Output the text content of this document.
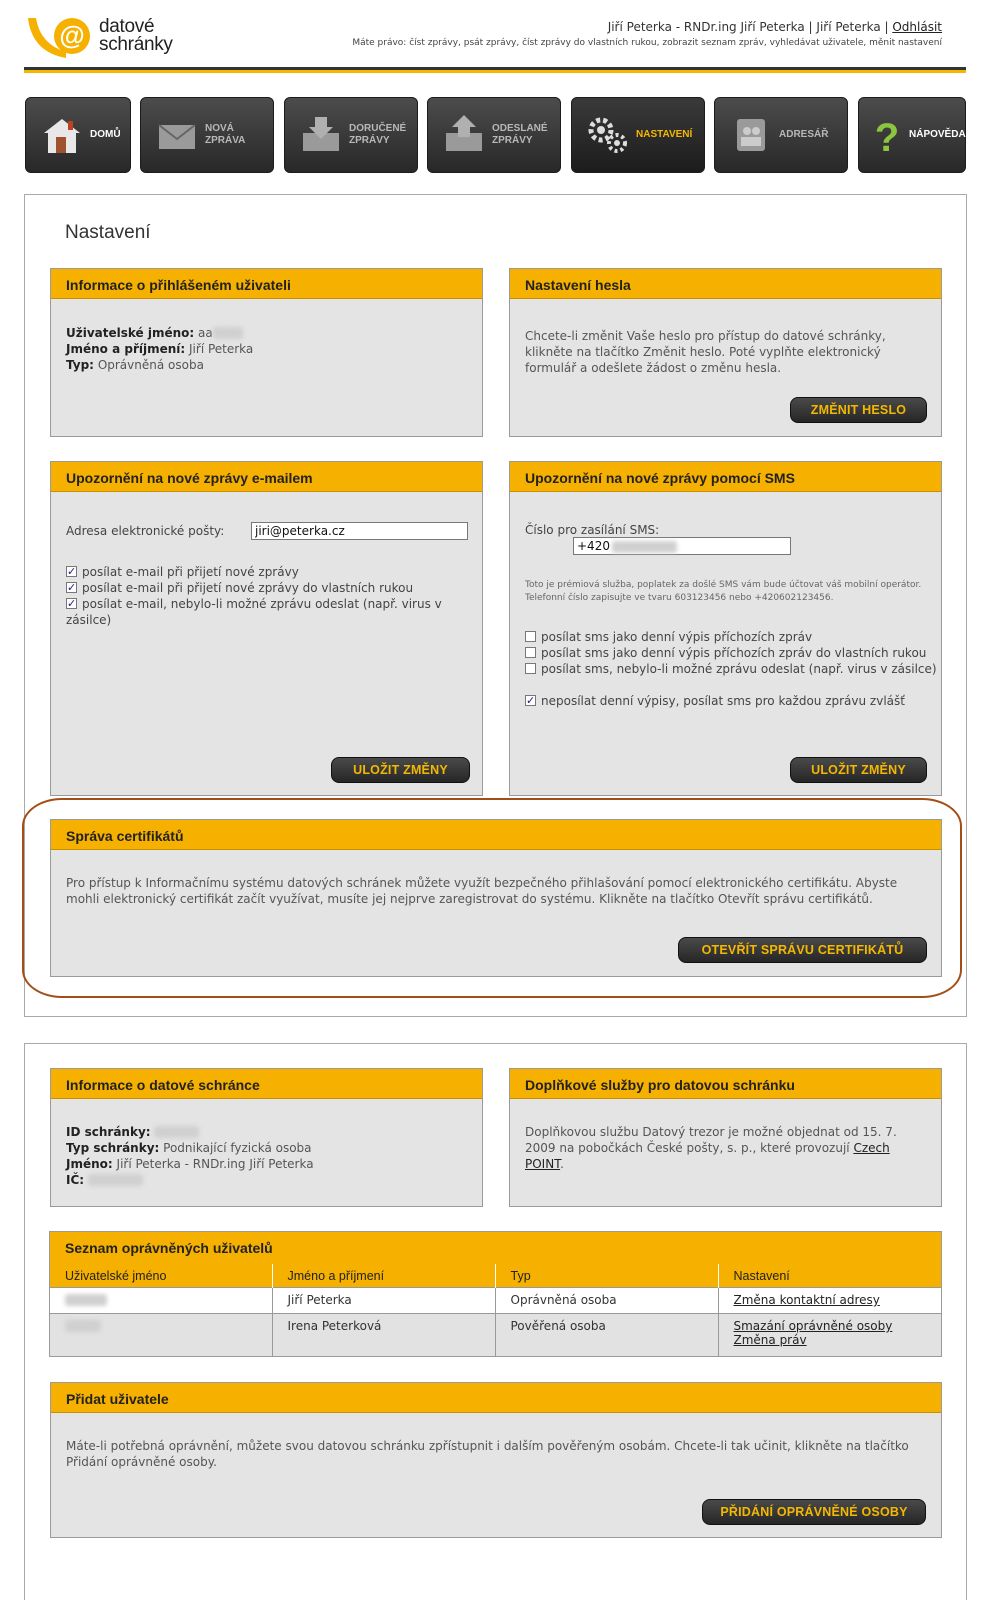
@ datové
schránky
Jiří Peterka - RNDr.ing Jiří Peterka | Jiří Peterka | Odhlásit
Máte právo: číst zprávy, psát zprávy, číst zprávy do vlastních rukou, zobrazit seznam zpráv, vyhledávat uživatele, měnit nastavení
DOMŮ
NOVÁ
ZPRÁVA
DORUČENÉ
ZPRÁVY
ODESLANÉ
ZPRÁVY
NASTAVENÍ	ADRESÁŘ ? NÁPOVĚDA
Nastavení
Informace o přihlášeném uživateli
Uživatelské jméno: aa
Jméno a příjmení: Jiří Peterka
Typ: Oprávněná osoba
Nastavení hesla
Chcete-li změnit Vaše heslo pro přístup do datové schránky, klikněte na tlačítko Změnit heslo. Poté vyplňte elektronický formulář a odešlete žádost o změnu hesla.
ZMĚNIT HESLO
Upozornění na nové zprávy e-mailem
Adresa elektronické pošty:
jiri@peterka.cz
✓posílat e-mail při přijetí nové zprávy
✓posílat e-mail při přijetí nové zprávy do vlastních rukou
✓posílat e-mail, nebylo-li možné zprávu odeslat (např. virus v zásilce)
ULOŽIT ZMĚNY
Upozornění na nové zprávy pomocí SMS
Číslo pro zasílání SMS:
+420
Toto je prémiová služba, poplatek za došlé SMS vám bude účtovat váš mobilní operátor. Telefonní číslo zapisujte ve tvaru 603123456 nebo +420602123456.
posílat sms jako denní výpis příchozích zpráv
posílat sms jako denní výpis příchozích zpráv do vlastních rukou
posílat sms, nebylo-li možné zprávu odeslat (např. virus v zásilce)
✓neposílat denní výpisy, posílat sms pro každou zprávu zvlášť
ULOŽIT ZMĚNY
Správa certifikátů
Pro přístup k Informačnímu systému datových schránek můžete využít bezpečného přihlašování pomocí elektronického certifikátu. Abyste mohli elektronický certifikát začít využívat, musíte jej nejprve zaregistrovat do systému. Klikněte na tlačítko Otevřít správu certifikátů.
OTEVŘÍT SPRÁVU CERTIFIKÁTŮ
Informace o datové schránce
ID schránky:
Typ schránky: Podnikající fyzická osoba
Jméno: Jiří Peterka - RNDr.ing Jiří Peterka
IČ:
Doplňkové služby pro datovou schránku
Doplňkovou službu Datový trezor je možné objednat od 15. 7. 2009 na pobočkách České pošty, s. p., které provozují Czech POINT.
Seznam oprávněných uživatelů
Uživatelské jméno	Jméno a příjmení	Typ	Nastavení
	Jiří Peterka	Oprávněná osoba	Změna kontaktní adresy
	Irena Peterková	Pověřená osoba	Smazání oprávněné osoby
Změna práv
Přidat uživatele
Máte-li potřebná oprávnění, můžete svou datovou schránku zpřístupnit i dalším pověřeným osobám. Chcete-li tak učinit, klikněte na tlačítko Přidání oprávněné osoby.
PŘIDÁNÍ OPRÁVNĚNÉ OSOBY
